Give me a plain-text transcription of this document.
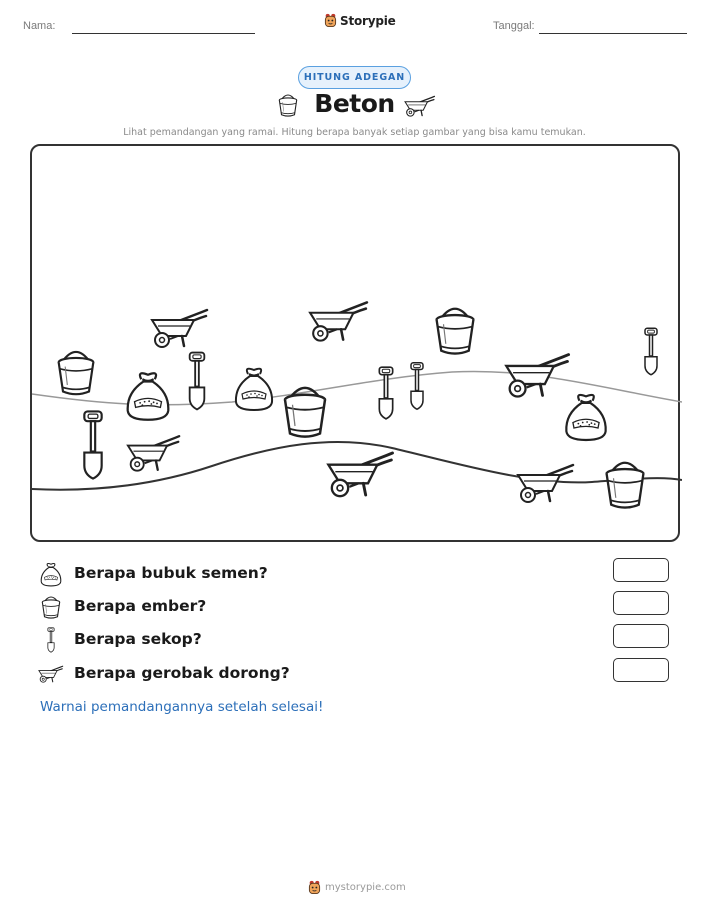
Nama:	Storypie	Tanggal:
HITUNG ADEGAN
Beton
Lihat pemandangan yang ramai. Hitung berapa banyak setiap gambar yang bisa kamu temukan.
Berapa bubuk semen?
Berapa ember?
Berapa sekop?
Berapa gerobak dorong?
Warnai pemandangannya setelah selesai!
mystorypie.com
